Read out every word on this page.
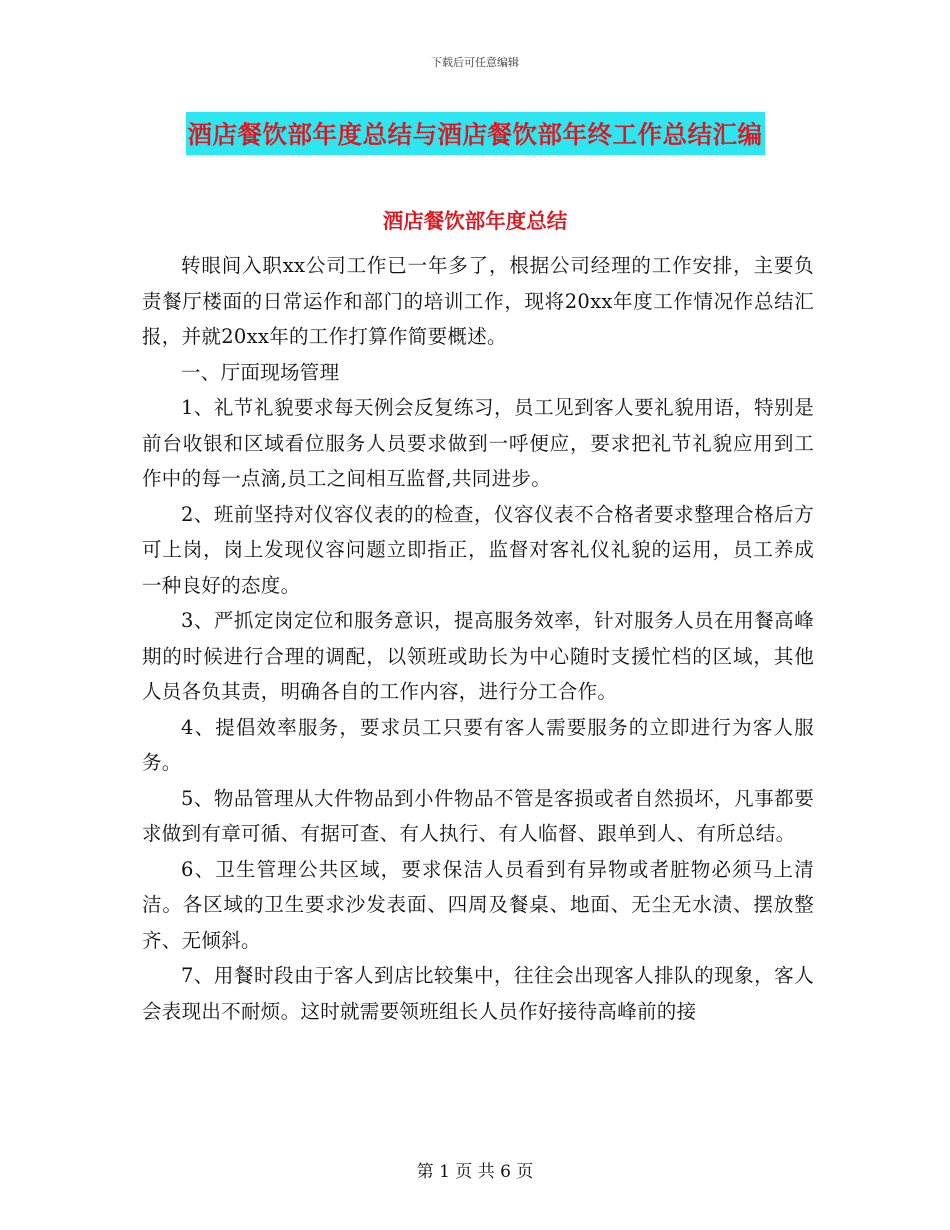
下载后可任意编辑
酒店餐饮部年度总结与酒店餐饮部年终工作总结汇编
酒店餐饮部年度总结

转眼间入职xx公司工作已一年多了，根据公司经理的工作安排，主要负责餐厅楼面的日常运作和部门的培训工作，现将20xx年度工作情况作总结汇报，并就20xx年的工作打算作简要概述。

一、厅面现场管理

1、礼节礼貌要求每天例会反复练习，员工见到客人要礼貌用语，特别是前台收银和区域看位服务人员要求做到一呼便应，要求把礼节礼貌应用到工作中的每一点滴,员工之间相互监督,共同进步。

2、班前坚持对仪容仪表的的检查，仪容仪表不合格者要求整理合格后方可上岗，岗上发现仪容问题立即指正，监督对客礼仪礼貌的运用，员工养成一种良好的态度。

3、严抓定岗定位和服务意识，提高服务效率，针对服务人员在用餐高峰期的时候进行合理的调配，以领班或助长为中心随时支援忙档的区域，其他人员各负其责，明确各自的工作内容，进行分工合作。

4、提倡效率服务，要求员工只要有客人需要服务的立即进行为客人服务。

5、物品管理从大件物品到小件物品不管是客损或者自然损坏，凡事都要求做到有章可循、有据可查、有人执行、有人临督、跟单到人、有所总结。

6、卫生管理公共区域，要求保洁人员看到有异物或者脏物必须马上清洁。各区域的卫生要求沙发表面、四周及餐桌、地面、无尘无水渍、摆放整齐、无倾斜。

7、用餐时段由于客人到店比较集中，往往会出现客人排队的现象，客人会表现出不耐烦。这时就需要领班组长人员作好接待高峰前的接

第 1 页 共 6 页
